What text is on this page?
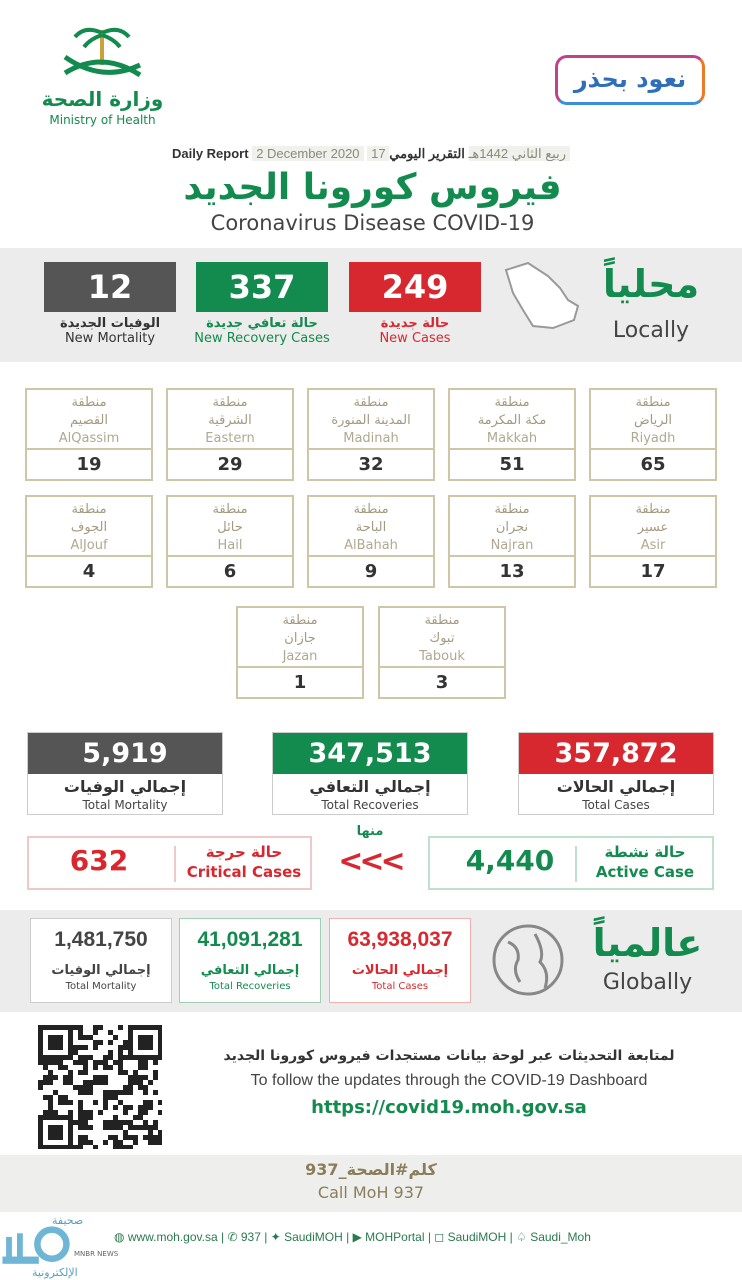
وزارة الصحة
Ministry of Health
نعود بحذر
Daily Report 2 December 2020 17 ربيع الثاني 1442هـ التقرير اليومي
فيروس كورونا الجديد
Coronavirus Disease COVID-19
12	337	249
الوفيات الجديدة
New Mortality
حالة تعافي جديدة
New Recovery Cases
حالة جديدة
New Cases
محلياً
Locally
منطقة
الرياض
Riyadh
65
منطقة
مكة المكرمة
Makkah
51
منطقة
المدينة المنورة
Madinah
32
منطقة
الشرقية
Eastern
29
منطقة
القصيم
AlQassim
19
منطقة
عسير
Asir
17
منطقة
نجران
Najran
13
منطقة
الباحة
AlBahah
9
منطقة
حائل
Hail
6
منطقة
الجوف
AlJouf
4
منطقة
تبوك
Tabouk
3
منطقة
جازان
Jazan
1
5,919
إجمالي الوفيات
Total Mortality
347,513
إجمالي التعافي
Total Recoveries
357,872
إجمالي الحالات
Total Cases
632	حالة حرجة
Critical Cases
منها
<<<	4,440	حالة نشطة
Active Case
1,481,750
إجمالي الوفيات
Total Mortality
41,091,281
إجمالي التعافي
Total Recoveries
63,938,037
إجمالي الحالات
Total Cases
عالمياً
Globally
لمتابعة التحديثات عبر لوحة بيانات مستجدات فيروس كورونا الجديد
To follow the updates through the COVID-19 Dashboard
https://covid19.moh.gov.sa
كلم#الصحة_937
Call MoH 937
◍ www.moh.gov.sa | ✆ 937 | ✦ SaudiMOH | ▶ MOHPortal | ◻ SaudiMOH | ♤ Saudi_Moh
صحيفة
الإلكترونية
MNBR NEWS
